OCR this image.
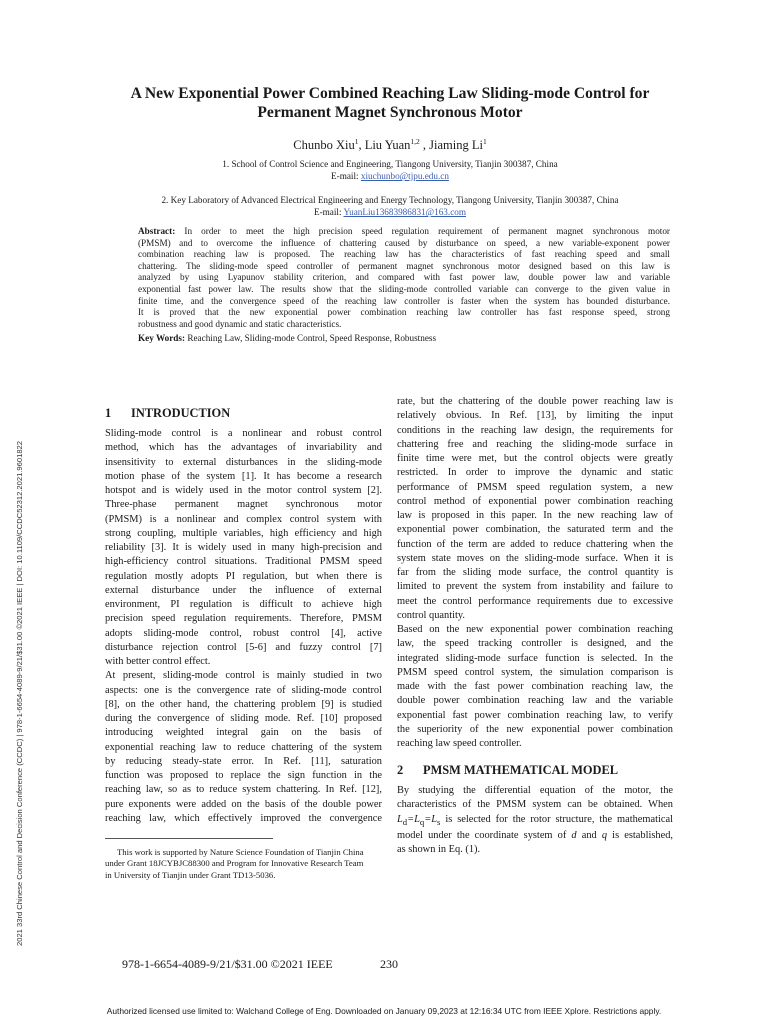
A New Exponential Power Combined Reaching Law Sliding-mode Control for
Permanent Magnet Synchronous Motor
Chunbo Xiu$^1$, Liu Yuan$^{1,2}$ , Jiaming Li$^1$
1. School of Control Science and Engineering, Tiangong University, Tianjin 300387, China
E-mail: xiuchunbo@tjpu.edu.cn
2. Key Laboratory of Advanced Electrical Engineering and Energy Technology, Tiangong University, Tianjin 300387, China
E-mail: YuanLiu13683986831@163.com
Abstract: In order to meet the high precision speed regulation requirement of permanent magnet synchronous motor
(PMSM) and to overcome the influence of chattering caused by disturbance on speed, a new variable-exponent power
combination reaching law is proposed. The reaching law has the characteristics of fast reaching speed and small
chattering. The sliding-mode speed controller of permanent magnet synchronous motor designed based on this law is
analyzed by using Lyapunov stability criterion, and compared with fast power law, double power law and variable
exponential fast power law. The results show that the sliding-mode controlled variable can converge to the given value in
finite time, and the convergence speed of the reaching law controller is faster when the system has bounded disturbance.
It is proved that the new exponential power combination reaching law controller has fast response speed, strong
robustness and good dynamic and static characteristics.
Key Words: Reaching Law, Sliding-mode Control, Speed Response, Robustness
2021 33rd Chinese Control and Decision Conference (CCDC) | 978-1-6654-4089-9/21/$31.00 ©2021 IEEE | DOI: 10.1109/CCDC52312.2021.9601822
1 INTRODUCTION
Sliding-mode control is a nonlinear and robust control
method, which has the advantages of invariability and
insensitivity to external disturbances in the sliding-mode
motion phase of the system [1]. It has become a research
hotspot and is widely used in the motor control system [2].
Three-phase permanent magnet synchronous motor
(PMSM) is a nonlinear and complex control system with
strong coupling, multiple variables, high efficiency and high
reliability [3]. It is widely used in many high-precision and
high-efficiency control situations. Traditional PMSM speed
regulation mostly adopts PI regulation, but when there is
external disturbance under the influence of external
environment, PI regulation is difficult to achieve high
precision speed regulation requirements. Therefore, PMSM
adopts sliding-mode control, robust control [4], active
disturbance rejection control [5-6] and fuzzy control [7]
with better control effect.
At present, sliding-mode control is mainly studied in two
aspects: one is the convergence rate of sliding-mode control
[8], on the other hand, the chattering problem [9] is studied
during the convergence of sliding mode. Ref. [10] proposed
introducing weighted integral gain on the basis of
exponential reaching law to reduce chattering of the system
by reducing steady-state error. In Ref. [11], saturation
function was proposed to replace the sign function in the
reaching law, so as to reduce system chattering. In Ref. [12],
pure exponents were added on the basis of the double power
reaching law, which effectively improved the convergence
rate, but the chattering of the double power reaching law is
relatively obvious. In Ref. [13], by limiting the input
conditions in the reaching law design, the requirements for
chattering free and reaching the sliding-mode surface in
finite time were met, but the control objects were greatly
restricted. In order to improve the dynamic and static
performance of PMSM speed regulation system, a new
control method of exponential power combination reaching
law is proposed in this paper. In the new reaching law of
exponential power combination, the saturated term and the
function of the term are added to reduce chattering when the
system state moves on the sliding-mode surface. When it is
far from the sliding mode surface, the control quantity is
limited to prevent the system from instability and failure to
meet the control performance requirements due to excessive
control quantity.
Based on the new exponential power combination reaching
law, the speed tracking controller is designed, and the
integrated sliding-mode surface function is selected. In the
PMSM speed control system, the simulation comparison is
made with the fast power combination reaching law, the
double power combination reaching law and the variable
exponential fast power combination reaching law, to verify
the superiority of the new exponential power combination
reaching law speed controller.
2 PMSM MATHEMATICAL MODEL
By studying the differential equation of the motor, the
characteristics of the PMSM system can be obtained. When
$L_d=L_q=L_s$ is selected for the rotor structure, the mathematical
model under the coordinate system of d and q is established,
as shown in Eq. (1).
This work is supported by Nature Science Foundation of Tianjin China
under Grant 18JCYBJC88300 and Program for Innovative Research Team
in University of Tianjin under Grant TD13-5036.
978-1-6654-4089-9/21/$31.00 ©2021 IEEE	230
Authorized licensed use limited to: Walchand College of Eng. Downloaded on January 09,2023 at 12:16:34 UTC from IEEE Xplore. Restrictions apply.
